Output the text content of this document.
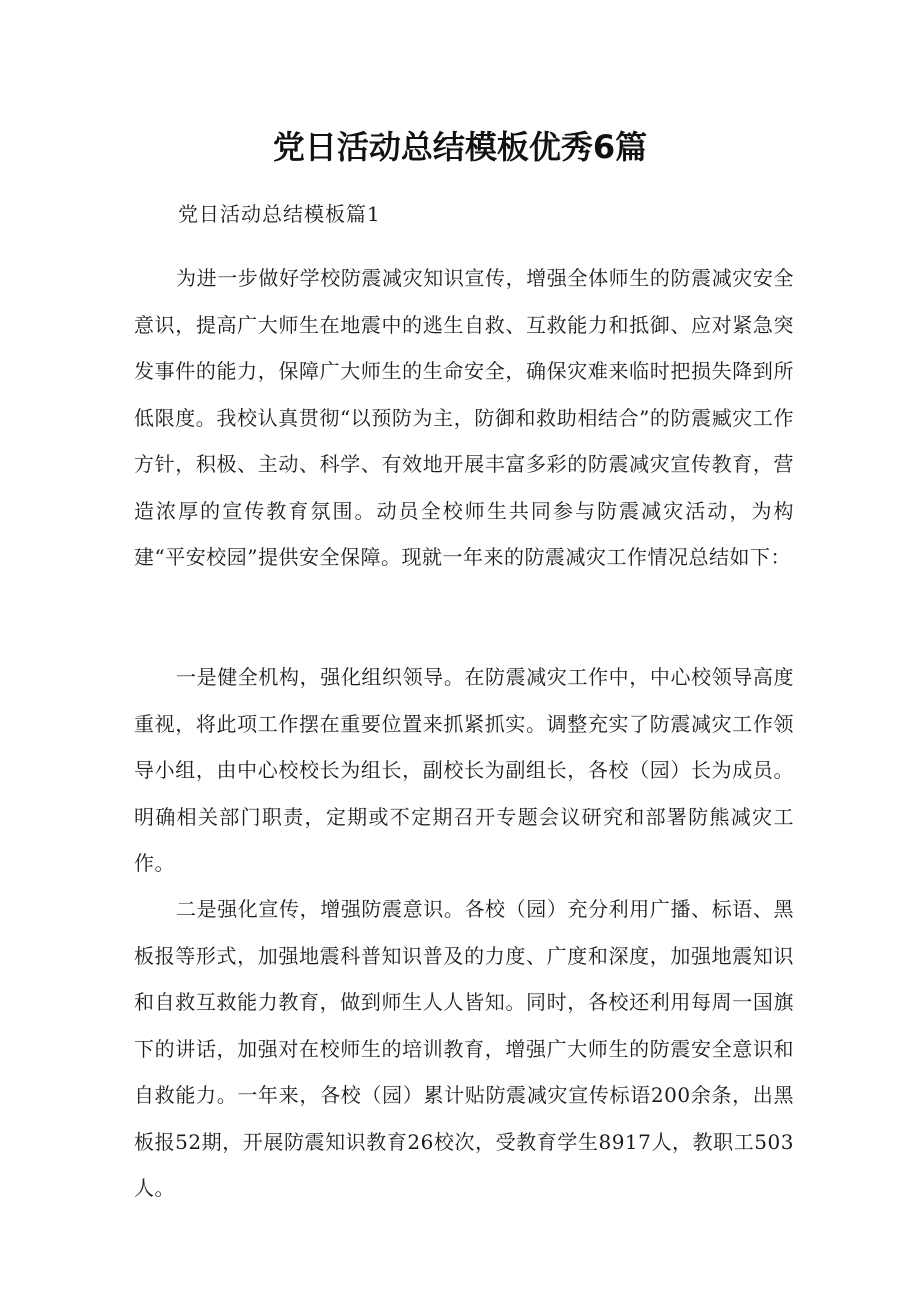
党日活动总结模板优秀6篇

党日活动总结模板篇1

为进一步做好学校防震减灾知识宣传，增强全体师生的防震减灾安全意识，提高广大师生在地震中的逃生自救、互救能力和抵御、应对紧急突发事件的能力，保障广大师生的生命安全，确保灾难来临时把损失降到所低限度。我校认真贯彻“以预防为主，防御和救助相结合”的防震臧灾工作方针，积极、主动、科学、有效地开展丰富多彩的防震减灾宣传教育，营造浓厚的宣传教育氛围。动员全校师生共同参与防震减灾活动，为构建“平安校园”提供安全保障。现就一年来的防震减灾工作情况总结如下：

一是健全机构，强化组织领导。在防震减灾工作中，中心校领导高度重视，将此项工作摆在重要位置来抓紧抓实。调整充实了防震减灾工作领导小组，由中心校校长为组长，副校长为副组长，各校（园）长为成员。明确相关部门职责，定期或不定期召开专题会议研究和部署防熊减灾工作。

二是强化宣传，增强防震意识。各校（园）充分利用广播、标语、黑板报等形式，加强地震科普知识普及的力度、广度和深度，加强地震知识和自救互救能力教育，做到师生人人皆知。同时，各校还利用每周一国旗下的讲话，加强对在校师生的培训教育，增强广大师生的防震安全意识和自救能力。一年来，各校（园）累计贴防震减灾宣传标语200余条，出黑板报52期，开展防震知识教育26校次，受教育学生8917人，教职工503人。
